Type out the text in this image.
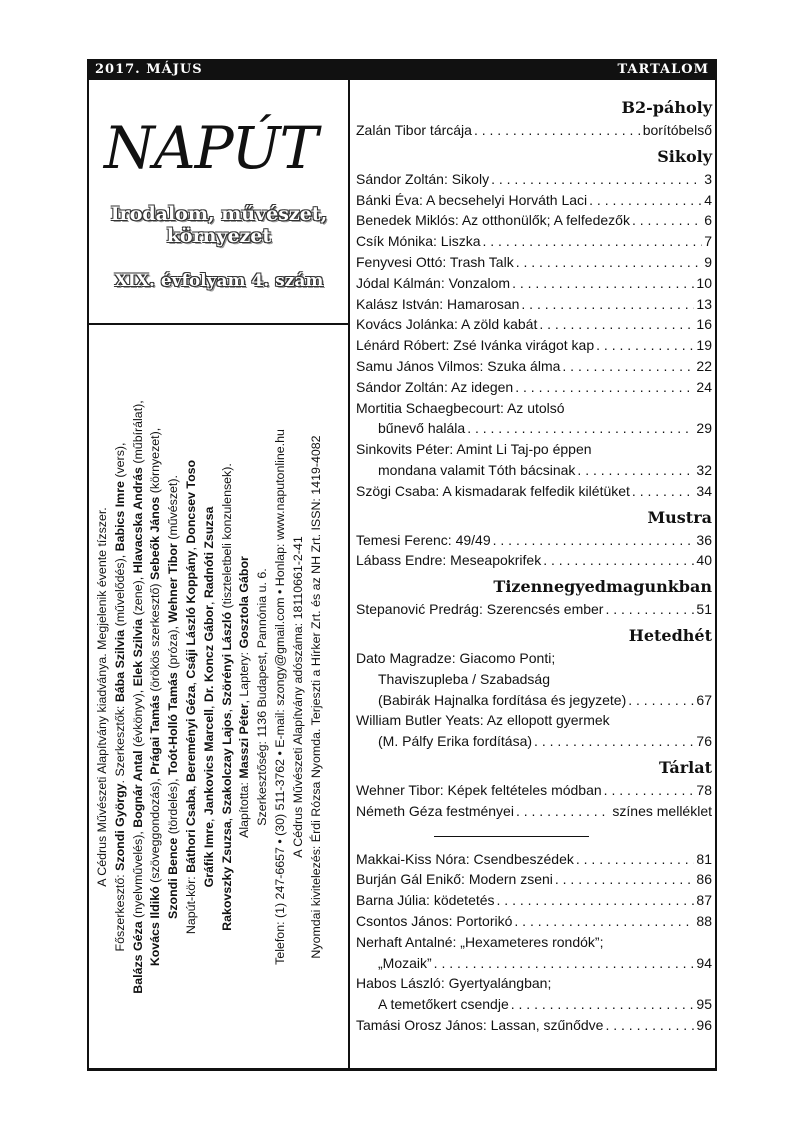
2017. MÁJUS	TARTALOM
NAPÚT
Irodalom, művészet,
környezet
XIX. évfolyam 4. szám

A Cédrus Művészeti Alapítvány kiadványa. Megjelenik évente tízszer.

Főszerkesztő: Szondi György. Szerkesztők: Bába Szilvia (művelődés), Babics Imre (vers),

Balázs Géza (nyelvművelés), Bognár Antal (évkönyv), Elek Szilvia (zene), Hlavacska András (műbírálat),

Kovács Ildikó (szöveggondozás), Prágai Tamás (örökös szerkesztő) Sebeők János (környezet),

Szondi Bence (tördelés), Toót-Holló Tamás (próza), Wehner Tibor (művészet).

Napút-kör: Báthori Csaba, Bereményi Géza, Csáji László Koppány, Doncsev Toso

Gráfik Imre, Jankovics Marcell, Dr. Koncz Gábor, Radnóti Zsuzsa

Rakovszky Zsuzsa, Szakolczay Lajos, Szörényi László (tiszteletbeli konzulensek).

Alapította: Masszi Péter, Laptery: Gosztola Gábor Szerkesztőség: 1136 Budapest, Pannónia u. 6. Telefon: (1) 247-6657 • (30) 511-3762 • E-mail: szongy@gmail.com • Honlap: www.naputonline.hu A Cédrus Művészeti Alapítvány adószáma: 18110661-2-41 Nyomdai kivitelezés: Érdi Rózsa Nyomda. Terjeszti a Hírker Zrt. és az NH Zrt. ISSN: 1419-4082

B2-páholy
Zalán Tibor tárcája . . .	borítóbelső
Sikoly
Sándor Zoltán: Sikoly . . .	3
Bánki Éva: A becsehelyi Horváth Laci . . .	4
Benedek Miklós: Az otthonülők; A felfedezők . . .	6
Csík Mónika: Liszka . . .	7
Fenyvesi Ottó: Trash Talk . . .	9
Jódal Kálmán: Vonzalom . . .	10
Kalász István: Hamarosan . . .	13
Kovács Jolánka: A zöld kabát . . .	16
Lénárd Róbert: Zsé Ivánka virágot kap . . .	19
Samu János Vilmos: Szuka álma . . .	22
Sándor Zoltán: Az idegen . . .	24
Mortitia Schaegbecourt: Az utolsó
bűnevő halála . . .	29
Sinkovits Péter: Amint Li Taj-po éppen
mondana valamit Tóth bácsinak . . .	32
Szögi Csaba: A kismadarak felfedik kilétüket . . .	34
Mustra
Temesi Ferenc: 49/49 . . .	36
Lábass Endre: Meseapokrifek . . .	40
Tizennegyedmagunkban
Stepanović Predrág: Szerencsés ember . . .	51
Hetedhét
Dato Magradze: Giacomo Ponti;
Thaviszupleba / Szabadság
(Babirák Hajnalka fordítása és jegyzete) . . .	67
William Butler Yeats: Az ellopott gyermek
(M. Pálfy Erika fordítása) . . .	76
Tárlat
Wehner Tibor: Képek feltételes módban . . .	78
Németh Géza festményei . . .	színes melléklet
Makkai-Kiss Nóra: Csendbeszédek . . .	81
Burján Gál Enikő: Modern zseni . . .	86
Barna Júlia: ködetetés . . .	87
Csontos János: Portorikó . . .	88
Nerhaft Antalné: „Hexameteres rondók”;
„Mozaik” . . .	94
Habos László: Gyertyalángban;
A temetőkert csendje . . .	95
Tamási Orosz János: Lassan, szűnődve . . .	96
